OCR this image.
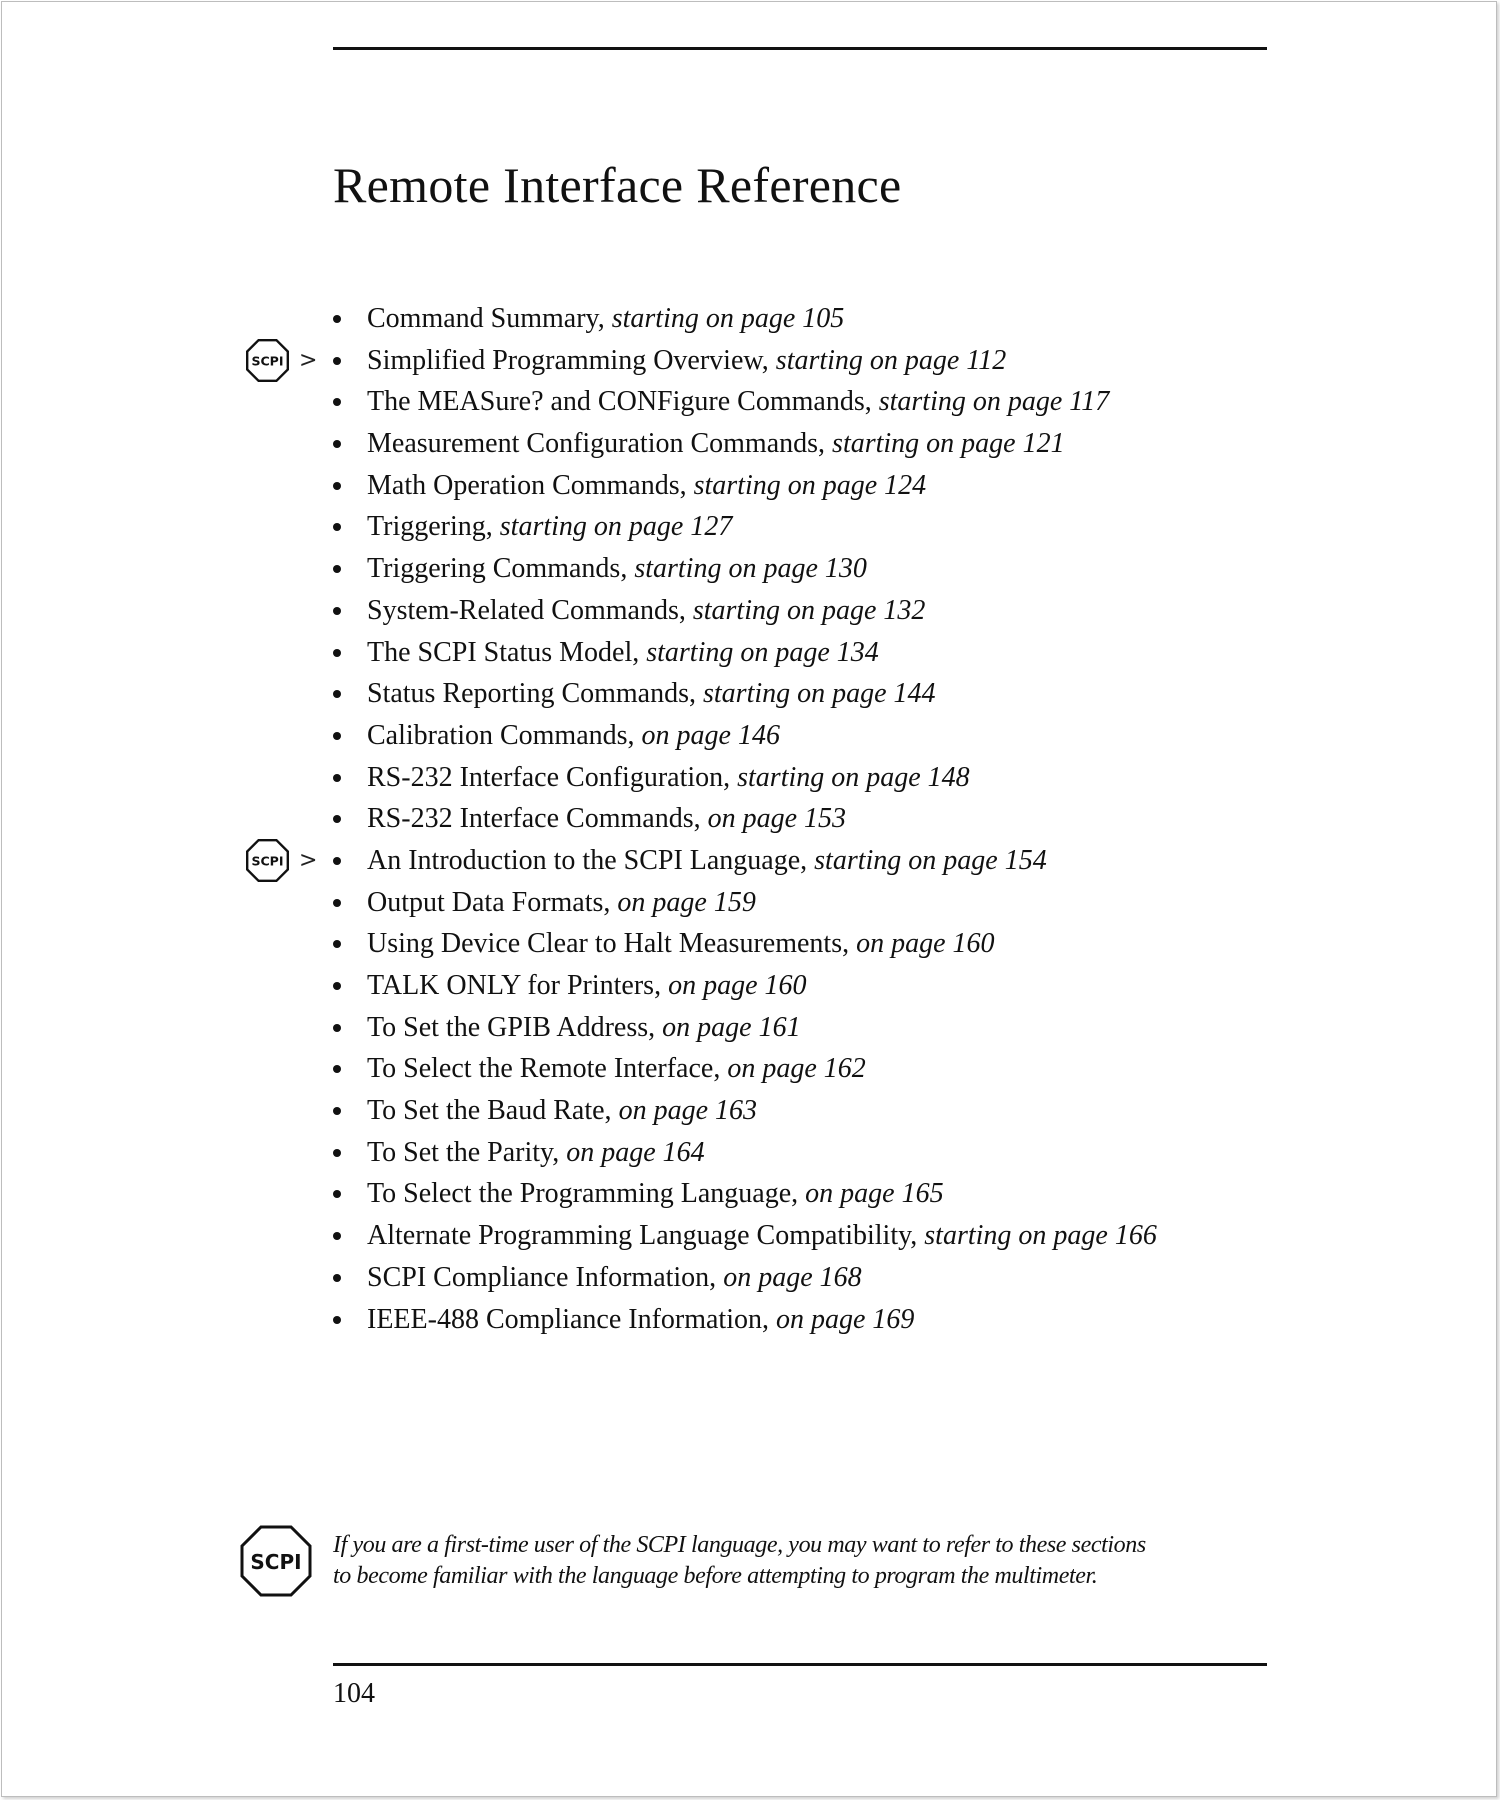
Remote Interface Reference
Command Summary, starting on page 105
SCPI > Simplified Programming Overview, starting on page 112
The MEASure? and CONFigure Commands, starting on page 117
Measurement Configuration Commands, starting on page 121
Math Operation Commands, starting on page 124
Triggering, starting on page 127
Triggering Commands, starting on page 130
System-Related Commands, starting on page 132
The SCPI Status Model, starting on page 134
Status Reporting Commands, starting on page 144
Calibration Commands, on page 146
RS-232 Interface Configuration, starting on page 148
RS-232 Interface Commands, on page 153
SCPI > An Introduction to the SCPI Language, starting on page 154
Output Data Formats, on page 159
Using Device Clear to Halt Measurements, on page 160
TALK ONLY for Printers, on page 160
To Set the GPIB Address, on page 161
To Select the Remote Interface, on page 162
To Set the Baud Rate, on page 163
To Set the Parity, on page 164
To Select the Programming Language, on page 165
Alternate Programming Language Compatibility, starting on page 166
SCPI Compliance Information, on page 168
IEEE-488 Compliance Information, on page 169
SCPI

If you are a first-time user of the SCPI language, you may want to refer to these sections

to become familiar with the language before attempting to program the multimeter.

104
